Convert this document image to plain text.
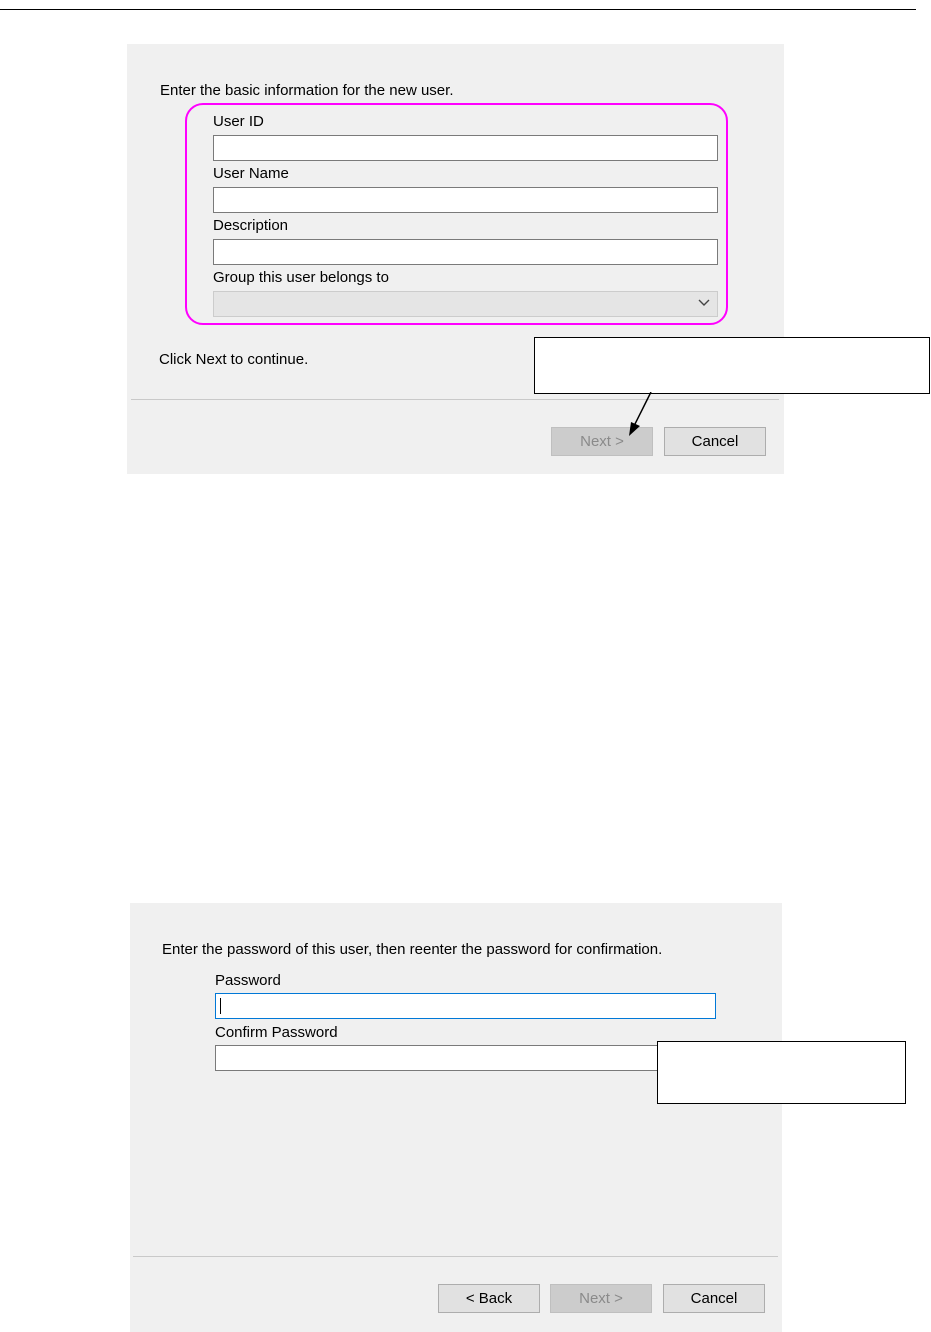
Enter the basic information for the new user.
User ID
User Name
Description
Group this user belongs to
Click Next to continue.
Next >	Cancel
Enter the password of this user, then reenter the password for confirmation.
Password
Confirm Password
< Back	Next >	Cancel
